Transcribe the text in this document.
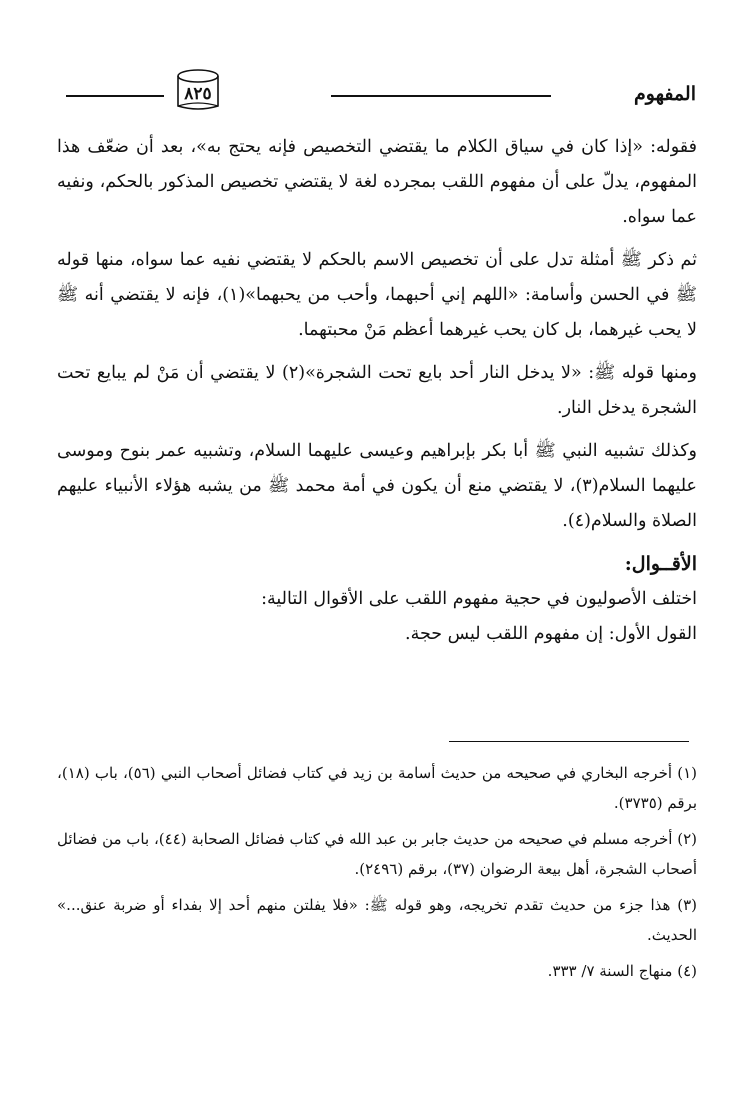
المفهوم
٨٢٥

فقوله: «إذا كان في سياق الكلام ما يقتضي التخصيص فإنه يحتج به»، بعد أن ضعّف هذا المفهوم، يدلّ على أن مفهوم اللقب بمجرده لغة لا يقتضي تخصيص المذكور بالحكم، ونفيه عما سواه.

ثم ذكر ﷺ أمثلة تدل على أن تخصيص الاسم بالحكم لا يقتضي نفيه عما سواه، منها قوله ﷺ في الحسن وأسامة: «اللهم إني أحبهما، وأحب من يحبهما»(١)، فإنه لا يقتضي أنه ﷺ لا يحب غيرهما، بل كان يحب غيرهما أعظم مَنْ محبتهما.

ومنها قوله ﷺ: «لا يدخل النار أحد بايع تحت الشجرة»(٢) لا يقتضي أن مَنْ لم يبايع تحت الشجرة يدخل النار.

وكذلك تشبيه النبي ﷺ أبا بكر بإبراهيم وعيسى عليهما السلام، وتشبيه عمر بنوح وموسى عليهما السلام(٣)، لا يقتضي منع أن يكون في أمة محمد ﷺ من يشبه هؤلاء الأنبياء عليهم الصلاة والسلام(٤).

الأقــوال:

اختلف الأصوليون في حجية مفهوم اللقب على الأقوال التالية:

القول الأول: إن مفهوم اللقب ليس حجة.

(١) أخرجه البخاري في صحيحه من حديث أسامة بن زيد في كتاب فضائل أصحاب النبي (٥٦)، باب (١٨)، برقم (٣٧٣٥).

(٢) أخرجه مسلم في صحيحه من حديث جابر بن عبد الله في كتاب فضائل الصحابة (٤٤)، باب من فضائل أصحاب الشجرة، أهل بيعة الرضوان (٣٧)، برقم (٢٤٩٦).

(٣) هذا جزء من حديث تقدم تخريجه، وهو قوله ﷺ: «فلا يفلتن منهم أحد إلا بفداء أو ضربة عنق...» الحديث.

(٤) منهاج السنة ٧/ ٣٣٣.
